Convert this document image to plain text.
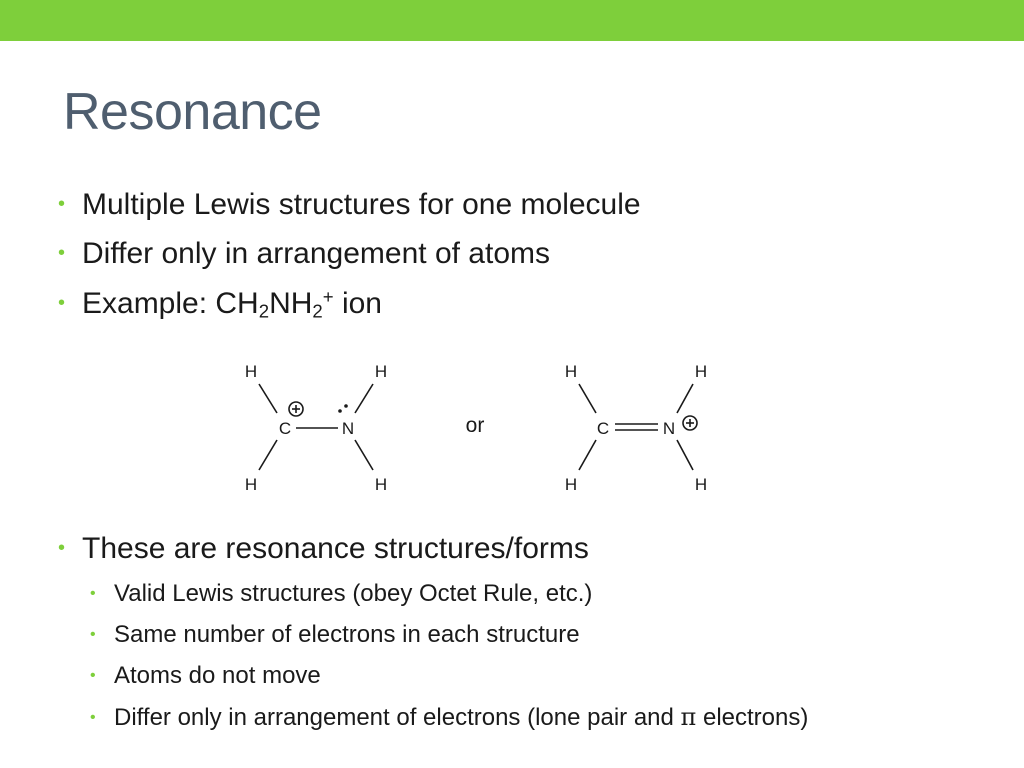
Resonance
• Multiple Lewis structures for one molecule
• Differ only in arrangement of atoms
• Example: $CH_2NH_2^+$ ion
H	H
C	N
H	H
or
H	H
C	N
H	H
• These are resonance structures/forms
• Valid Lewis structures (obey Octet Rule, etc.)
• Same number of electrons in each structure
• Atoms do not move
• Differ only in arrangement of electrons (lone pair and π electrons)
